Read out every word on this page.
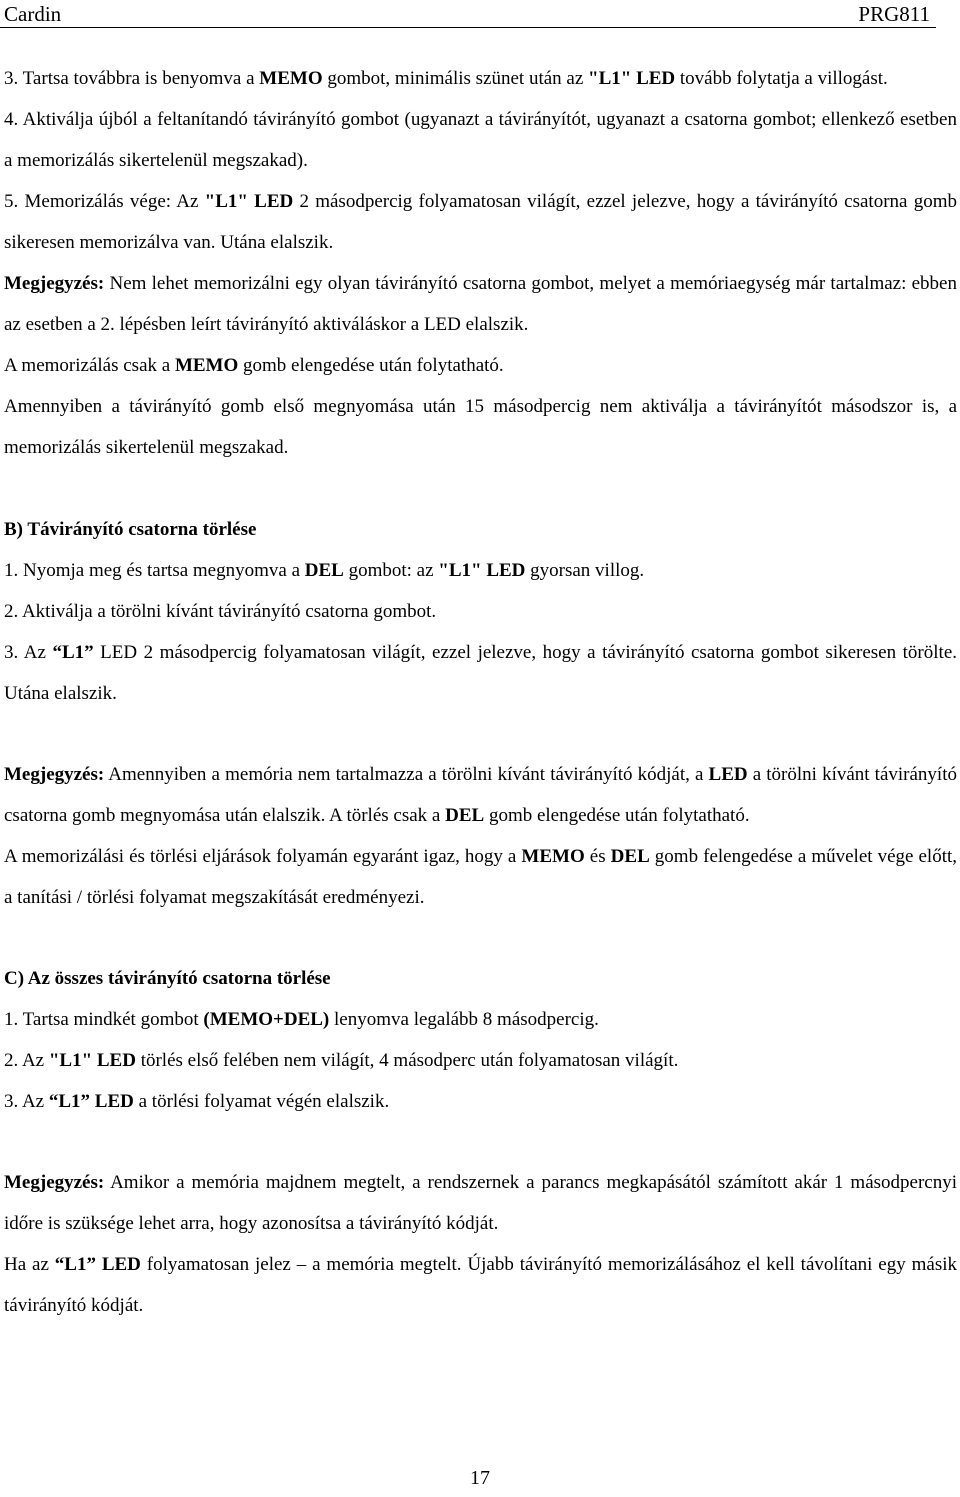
Cardin	PRG811

3. Tartsa továbbra is benyomva a MEMO gombot, minimális szünet után az "L1" LED tovább folytatja a villogást.

4. Aktiválja újból a feltanítandó távirányító gombot (ugyanazt a távirányítót, ugyanazt a csatorna gombot; ellenkező esetben a memorizálás sikertelenül megszakad).

5. Memorizálás vége: Az "L1" LED 2 másodpercig folyamatosan világít, ezzel jelezve, hogy a távirányító csatorna gomb sikeresen memorizálva van. Utána elalszik.

Megjegyzés: Nem lehet memorizálni egy olyan távirányító csatorna gombot, melyet a memóriaegység már tartalmaz: ebben az esetben a 2. lépésben leírt távirányító aktiváláskor a LED elalszik.

A memorizálás csak a MEMO gomb elengedése után folytatható.

Amennyiben a távirányító gomb első megnyomása után 15 másodpercig nem aktiválja a távirányítót másodszor is, a memorizálás sikertelenül megszakad.

B) Távirányító csatorna törlése

1. Nyomja meg és tartsa megnyomva a DEL gombot: az "L1" LED gyorsan villog.

2. Aktiválja a törölni kívánt távirányító csatorna gombot.

3. Az “L1” LED 2 másodpercig folyamatosan világít, ezzel jelezve, hogy a távirányító csatorna gombot sikeresen törölte. Utána elalszik.

Megjegyzés: Amennyiben a memória nem tartalmazza a törölni kívánt távirányító kódját, a LED a törölni kívánt távirányító csatorna gomb megnyomása után elalszik. A törlés csak a DEL gomb elengedése után folytatható.

A memorizálási és törlési eljárások folyamán egyaránt igaz, hogy a MEMO és DEL gomb felengedése a művelet vége előtt, a tanítási / törlési folyamat megszakítását eredményezi.

C) Az összes távirányító csatorna törlése

1. Tartsa mindkét gombot (MEMO+DEL) lenyomva legalább 8 másodpercig.

2. Az "L1" LED törlés első felében nem világít, 4 másodperc után folyamatosan világít.

3. Az “L1” LED a törlési folyamat végén elalszik.

Megjegyzés: Amikor a memória majdnem megtelt, a rendszernek a parancs megkapásától számított akár 1 másodpercnyi időre is szüksége lehet arra, hogy azonosítsa a távirányító kódját.

Ha az “L1” LED folyamatosan jelez – a memória megtelt. Újabb távirányító memorizálásához el kell távolítani egy másik távirányító kódját.

17
